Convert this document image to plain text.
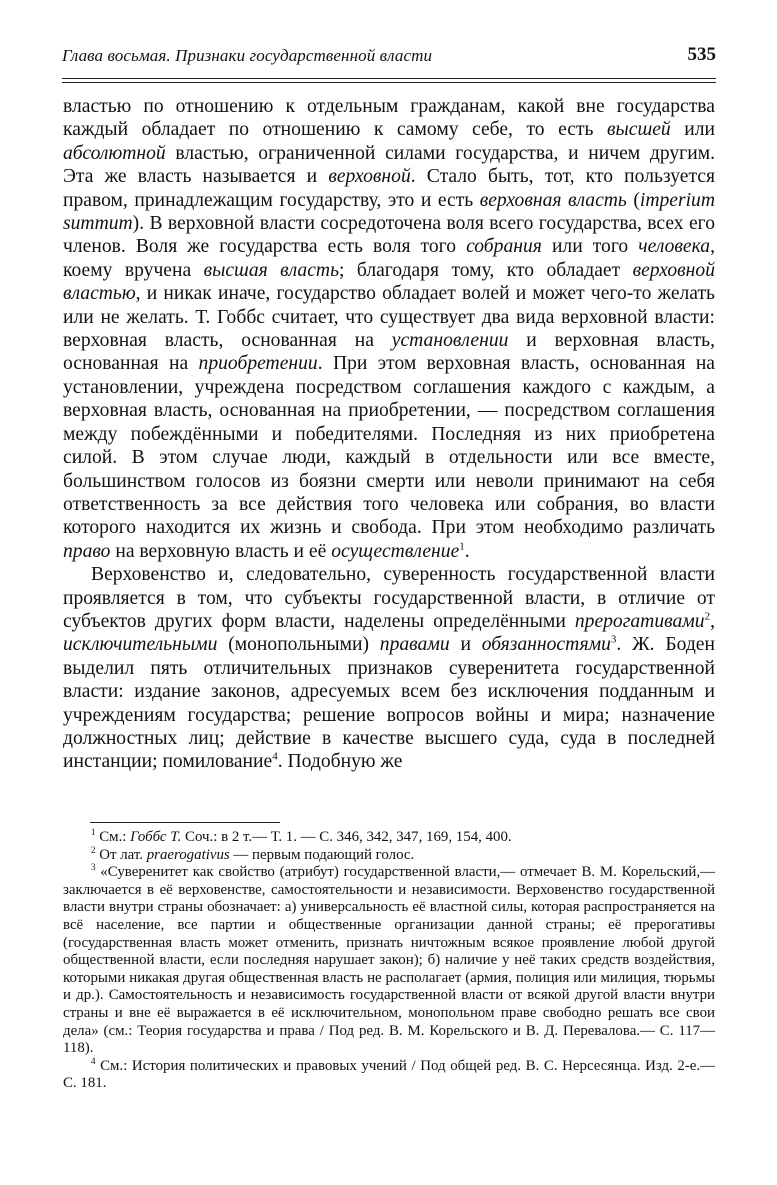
Глава восьмая. Признаки государственной власти	535

властью по отношению к отдельным гражданам, какой вне государства каждый обладает по отношению к самому себе, то есть высшей или абсолютной властью, ограниченной силами государства, и ничем другим. Эта же власть называется и верховной. Стало быть, тот, кто пользуется правом, принадлежащим государству, это и есть верховная власть (imperium summum). В верховной власти сосредоточена воля всего государства, всех его членов. Воля же государства есть воля того собрания или того человека, коему вручена высшая власть; благодаря тому, кто обладает верховной властью, и никак иначе, государство обладает волей и может чего-то желать или не желать. Т. Гоббс считает, что существует два вида верховной власти: верховная власть, основанная на установлении и верховная власть, основанная на приобретении. При этом верховная власть, основанная на установлении, учреждена посредством соглашения каждого с каждым, а верховная власть, основанная на приобретении, — посредством соглашения между побеждёнными и победителями. Последняя из них приобретена силой. В этом случае люди, каждый в отдельности или все вместе, большинством голосов из боязни смерти или неволи принимают на себя ответственность за все действия того человека или собрания, во власти которого находится их жизнь и свобода. При этом необходимо различать право на верховную власть и её осуществление$^1$.

Верховенство и, следовательно, суверенность государственной власти проявляется в том, что субъекты государственной власти, в отличие от субъектов других форм власти, наделены определёнными прерогативами$^2$, исключительными (монопольными) правами и обязанностями$^3$. Ж. Боден выделил пять отличительных признаков суверенитета государственной власти: издание законов, адресуемых всем без исключения подданным и учреждениям государства; решение вопросов войны и мира; назначение должностных лиц; действие в качестве высшего суда, суда в последней инстанции; помилование$^4$. Подобную же

$^1$ См.: Гоббс Т. Соч.: в 2 т.— Т. 1. — С. 346, 342, 347, 169, 154, 400.

$^2$ От лат. praerogativus — первым подающий голос.

$^3$ «Суверенитет как свойство (атрибут) государственной власти,— отмечает В. М. Корельский,— заключается в её верховенстве, самостоятельности и независимости. Верховенство государственной власти внутри страны обозначает: а) универсальность её властной силы, которая распространяется на всё население, все партии и общественные организации данной страны; её прерогативы (государственная власть может отменить, признать ничтожным всякое проявление любой другой общественной власти, если последняя нарушает закон); б) наличие у неё таких средств воздействия, которыми никакая другая общественная власть не располагает (армия, полиция или милиция, тюрьмы и др.). Самостоятельность и независимость государственной власти от всякой другой власти внутри страны и вне её выражается в её исключительном, монопольном праве свободно решать все свои дела» (см.: Теория государства и права / Под ред. В. М. Корельского и В. Д. Перевалова.— С. 117—118).

$^4$ См.: История политических и правовых учений / Под общей ред. В. С. Нерсесянца. Изд. 2-е.— С. 181.
